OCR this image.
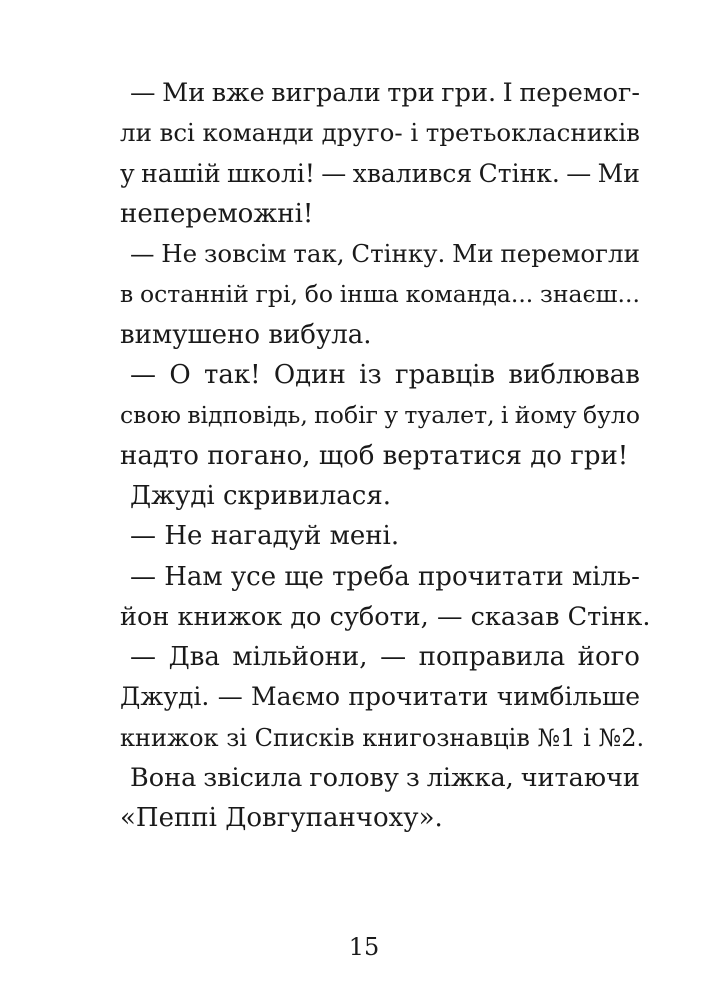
— Ми вже виграли три гри. І перемог-
ли всі команди друго- і третьокласників
у нашій школі! — хвалився Стінк. — Ми
непереможні!
— Не зовсім так, Стінку. Ми перемогли
в останній грі, бо інша команда... знаєш...
вимушено вибула.
— О так! Один із гравців виблював
свою відповідь, побіг у туалет, і йому було
надто погано, щоб вертатися до гри!
Джуді скривилася.
— Не нагадуй мені.
— Нам усе ще треба прочитати міль-
йон книжок до суботи, — сказав Стінк.
— Два мільйони, — поправила його
Джуді. — Маємо прочитати чимбільше
книжок зі Списків книгознавців №1 і №2.
Вона звісила голову з ліжка, читаючи
«Пеппі Довгупанчоху».
15
